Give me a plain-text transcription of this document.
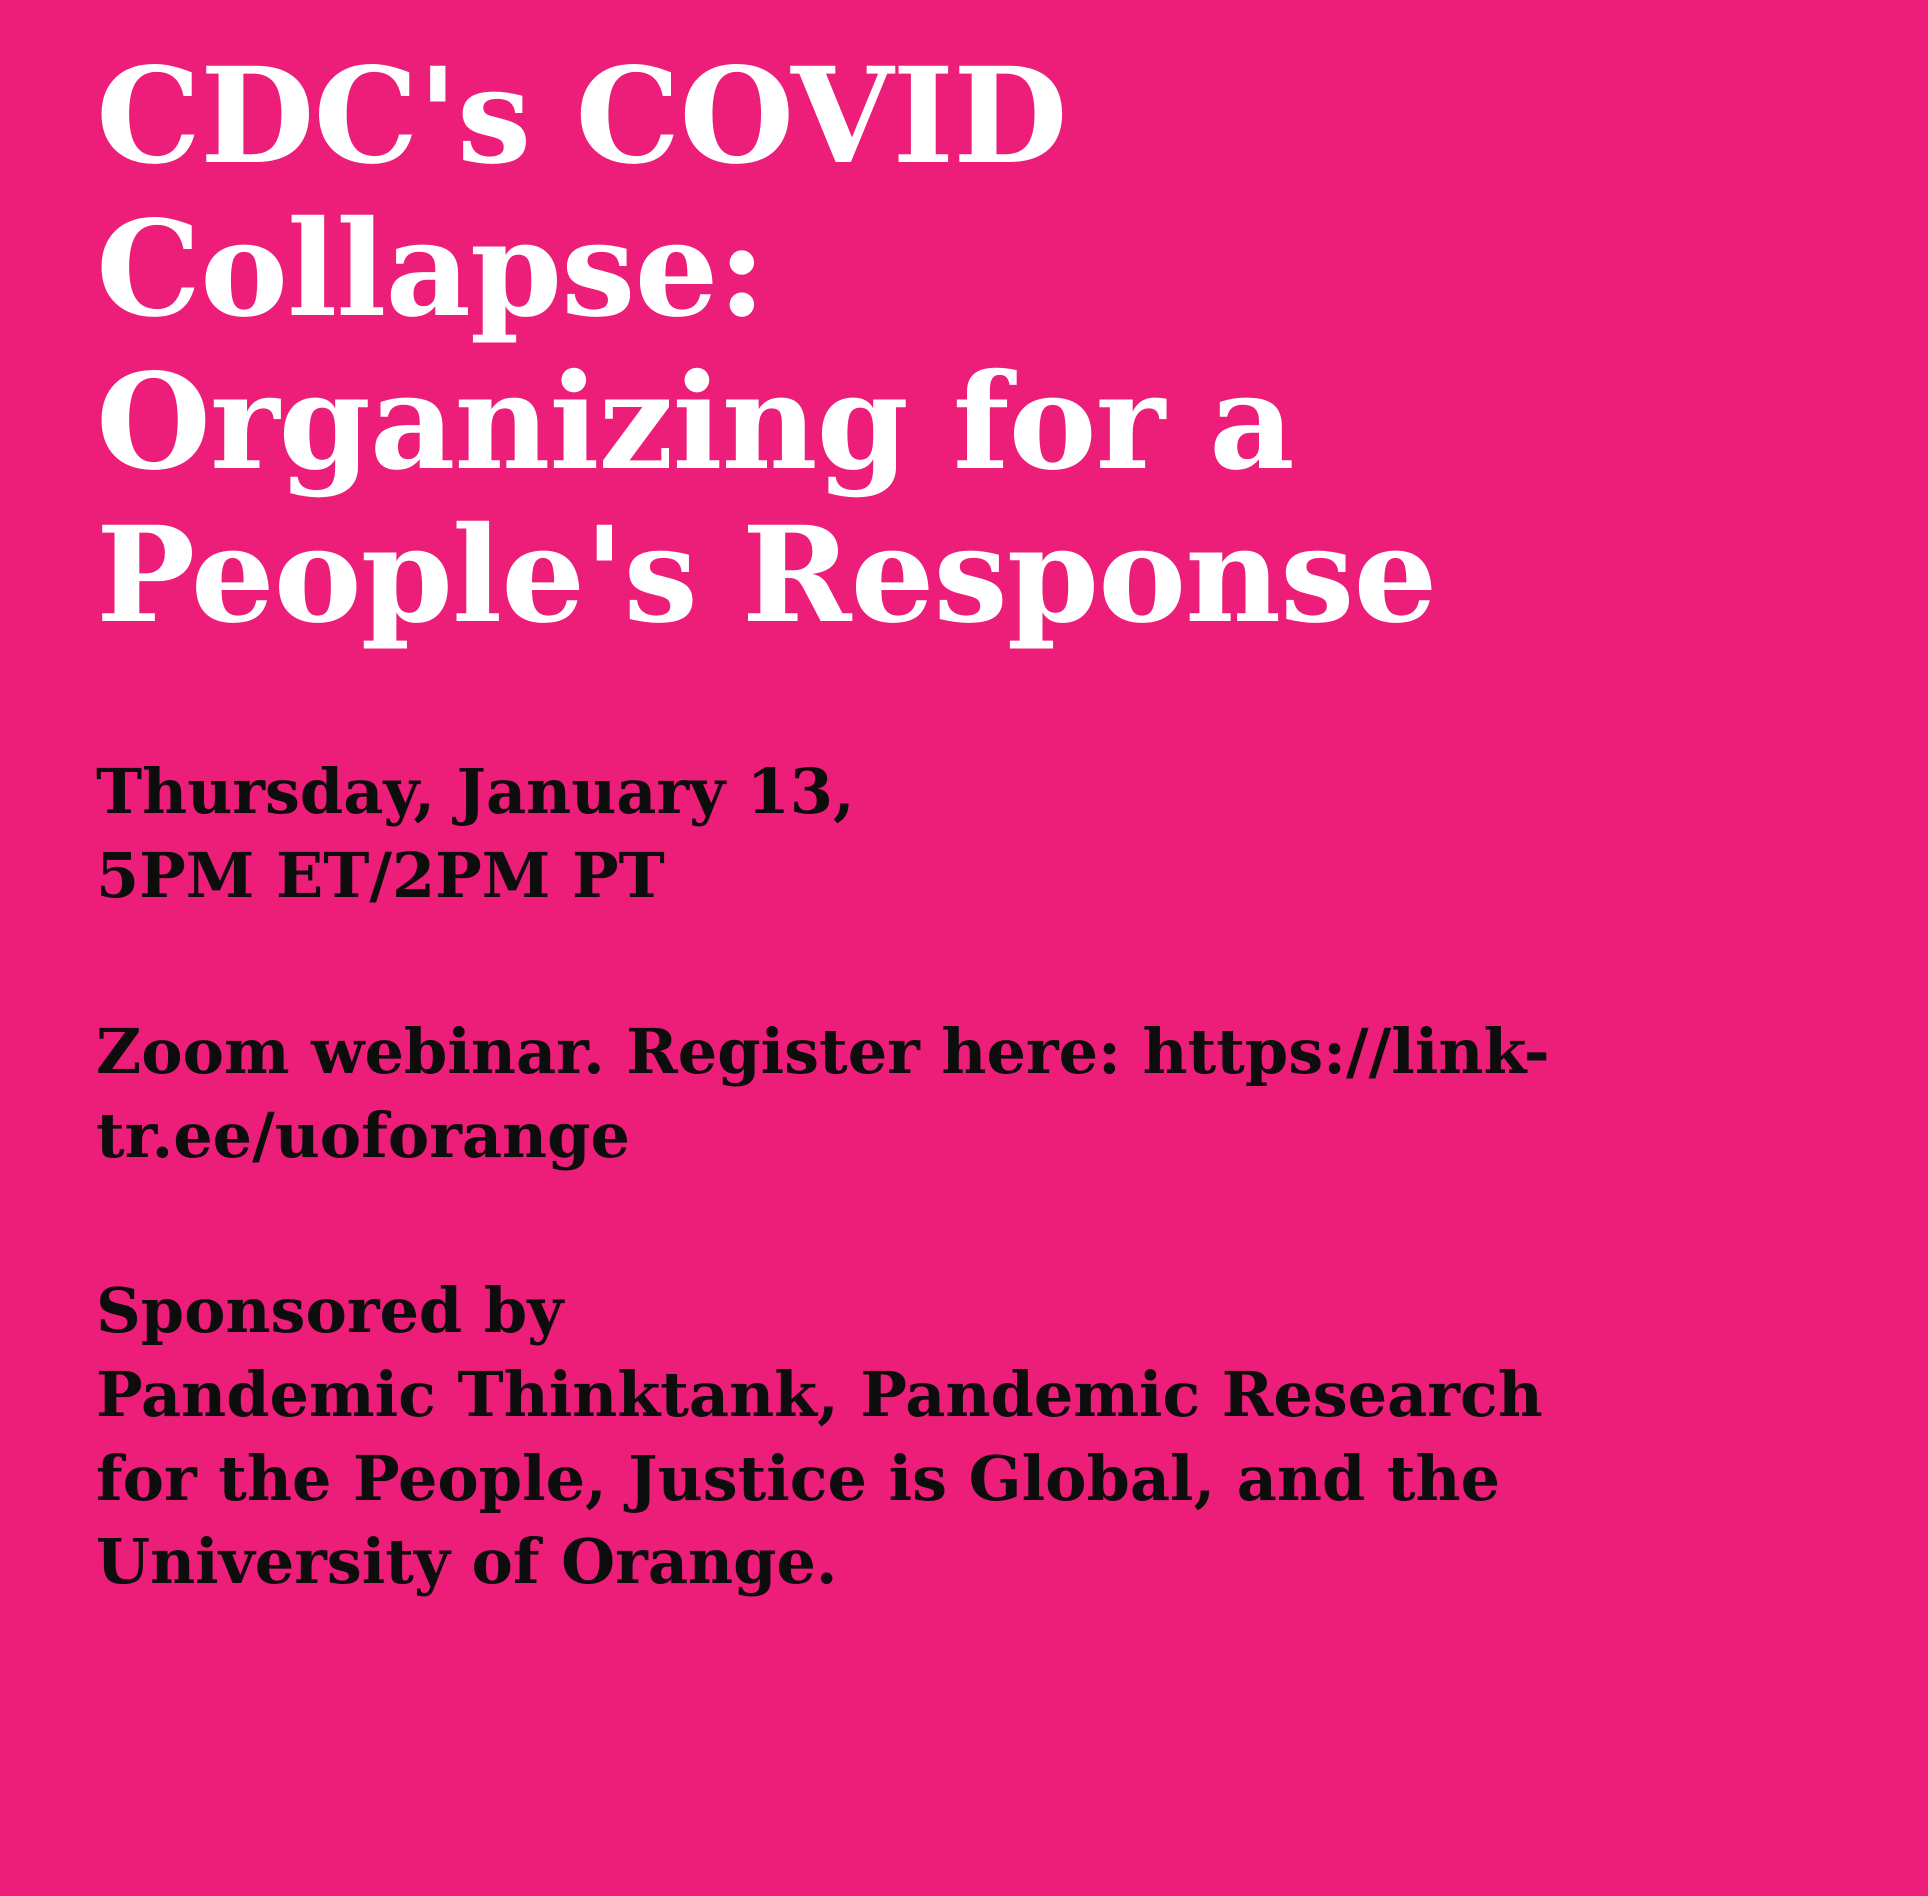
CDC's COVID Collapse:
Organizing for a
People's Response
Thursday, January 13,
5PM ET/2PM PT
Zoom webinar. Register here: https://link-
tr.ee/uoforange
Sponsored by
Pandemic Thinktank, Pandemic Research
for the People, Justice is Global, and the
University of Orange.
